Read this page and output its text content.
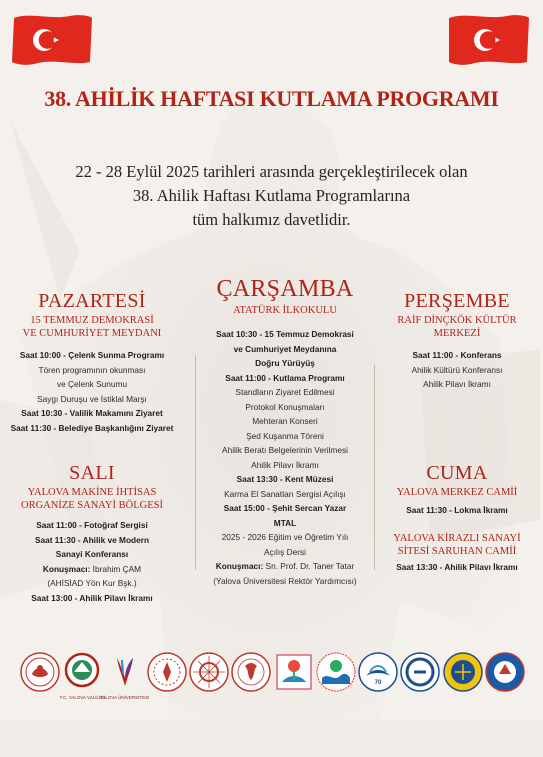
38. AHİLİK HAFTASI KUTLAMA PROGRAMI
22 - 28 Eylül 2025 tarihleri arasında gerçekleştirilecek olan
38. Ahilik Haftası Kutlama Programlarına
tüm halkımız davetlidir.
PAZARTESİ
15 TEMMUZ DEMOKRASİ
VE CUMHURİYET MEYDANI
Saat 10:00 - Çelenk Sunma Programı
Tören programının okunması
ve Çelenk Sunumu
Saygı Duruşu ve İstiklal Marşı
Saat 10:30 - Valilik Makamını Ziyaret
Saat 11:30 - Belediye Başkanlığını Ziyaret
SALI
YALOVA MAKİNE İHTİSAS
ORGANİZE SANAYİ BÖLGESİ
Saat 11:00 - Fotoğraf Sergisi
Saat 11:30 - Ahilik ve Modern
Sanayi Konferansı
Konuşmacı: İbrahim ÇAM
(AHİSİAD Yön Kur Bşk.)
Saat 13:00 - Ahilik Pilavı İkramı
ÇARŞAMBA
ATATÜRK İLKOKULU
Saat 10:30 - 15 Temmuz Demokrasi
ve Cumhuriyet Meydanına
Doğru Yürüyüş
Saat 11:00 - Kutlama Programı
Standların Ziyaret Edilmesi
Protokol Konuşmaları
Mehteran Konseri
Şed Kuşanma Töreni
Ahilik Beratı Belgelerinin Verilmesi
Ahilik Pilavı İkramı
Saat 13:30 - Kent Müzesi
Karma El Sanatları Sergisi Açılışı
Saat 15:00 - Şehit Sercan Yazar
MTAL
2025 - 2026 Eğitim ve Öğretim Yılı
Açılış Dersi
Konuşmacı: Sn. Prof. Dr. Taner Tatar
(Yalova Üniversitesi Rektör Yardımcısı)
PERŞEMBE
RAİF DİNÇKÖK KÜLTÜR
MERKEZİ
Saat 11:00 - Konferans
Ahilik Kültürü Konferansı
Ahilik Pilavı İkramı
CUMA
YALOVA MERKEZ CAMİİ
Saat 11:30 - Lokma İkramı
YALOVA KİRAZLI SANAYİ
SİTESİ SARUHAN CAMİİ
Saat 13:30 - Ahilik Pilavı İkramı
T.C. YALOVA VALİLİĞİ
YALOVA ÜNİVERSİTESİ
70
